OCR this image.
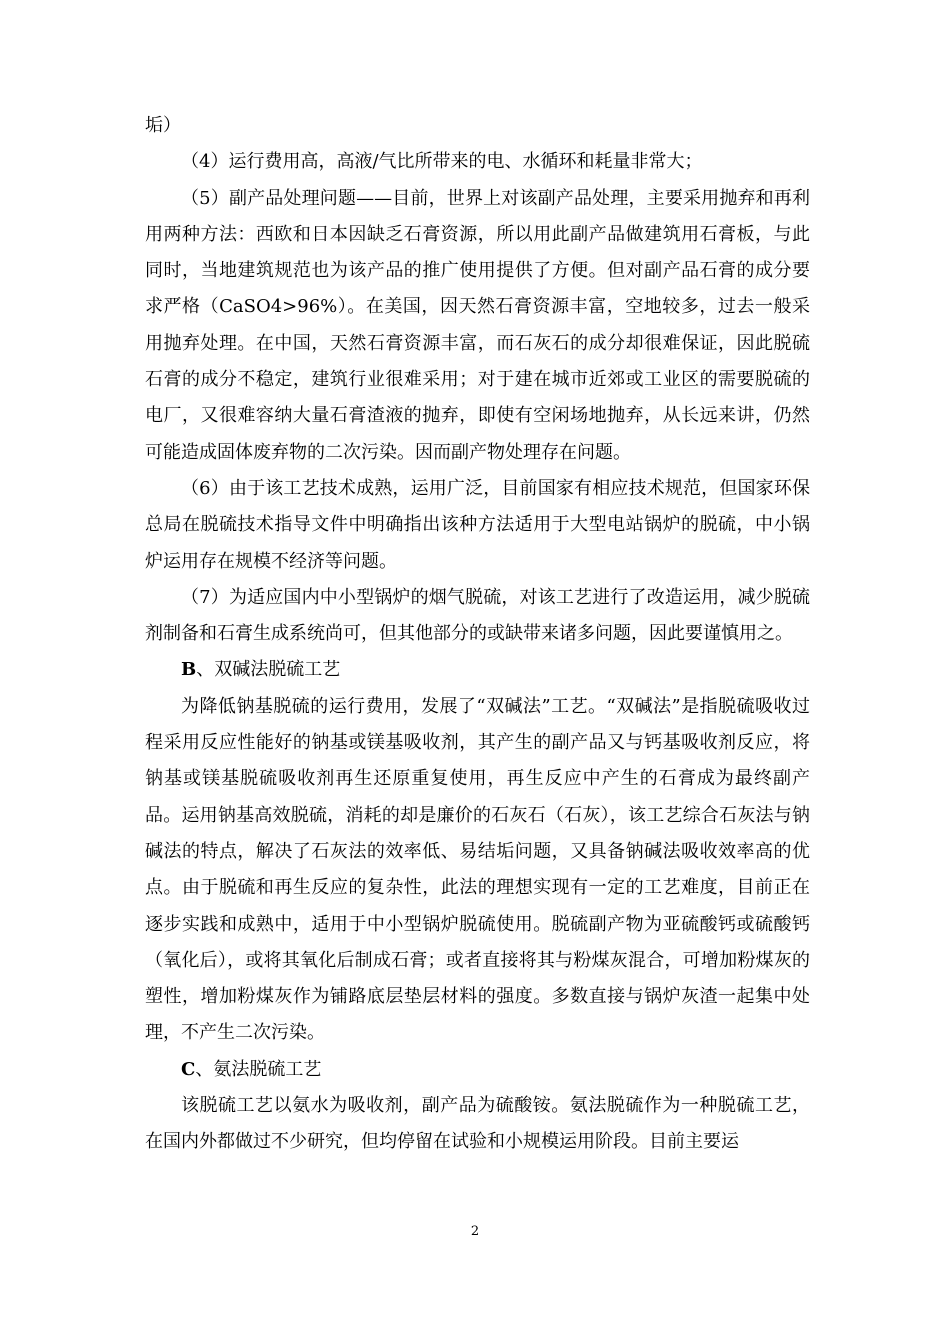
垢）

（4）运行费用高，高液/气比所带来的电、水循环和耗量非常大；

（5）副产品处理问题——目前，世界上对该副产品处理，主要采用抛弃和再利用两种方法：西欧和日本因缺乏石膏资源，所以用此副产品做建筑用石膏板，与此同时，当地建筑规范也为该产品的推广使用提供了方便。但对副产品石膏的成分要求严格（CaSO4>96%）。在美国，因天然石膏资源丰富，空地较多，过去一般采用抛弃处理。在中国，天然石膏资源丰富，而石灰石的成分却很难保证，因此脱硫石膏的成分不稳定，建筑行业很难采用；对于建在城市近郊或工业区的需要脱硫的电厂，又很难容纳大量石膏渣液的抛弃，即使有空闲场地抛弃，从长远来讲，仍然可能造成固体废弃物的二次污染。因而副产物处理存在问题。

（6）由于该工艺技术成熟，运用广泛，目前国家有相应技术规范，但国家环保总局在脱硫技术指导文件中明确指出该种方法适用于大型电站锅炉的脱硫，中小锅炉运用存在规模不经济等问题。

（7）为适应国内中小型锅炉的烟气脱硫，对该工艺进行了改造运用，减少脱硫剂制备和石膏生成系统尚可，但其他部分的或缺带来诸多问题，因此要谨慎用之。

B、双碱法脱硫工艺

为降低钠基脱硫的运行费用，发展了“双碱法”工艺。“双碱法”是指脱硫吸收过程采用反应性能好的钠基或镁基吸收剂，其产生的副产品又与钙基吸收剂反应，将钠基或镁基脱硫吸收剂再生还原重复使用，再生反应中产生的石膏成为最终副产品。运用钠基高效脱硫，消耗的却是廉价的石灰石（石灰），该工艺综合石灰法与钠碱法的特点，解决了石灰法的效率低、易结垢问题，又具备钠碱法吸收效率高的优点。由于脱硫和再生反应的复杂性，此法的理想实现有一定的工艺难度，目前正在逐步实践和成熟中，适用于中小型锅炉脱硫使用。脱硫副产物为亚硫酸钙或硫酸钙（氧化后），或将其氧化后制成石膏；或者直接将其与粉煤灰混合，可增加粉煤灰的塑性，增加粉煤灰作为铺路底层垫层材料的强度。多数直接与锅炉灰渣一起集中处理，不产生二次污染。

C、氨法脱硫工艺

该脱硫工艺以氨水为吸收剂，副产品为硫酸铵。氨法脱硫作为一种脱硫工艺，在国内外都做过不少研究，但均停留在试验和小规模运用阶段。目前主要运

2
